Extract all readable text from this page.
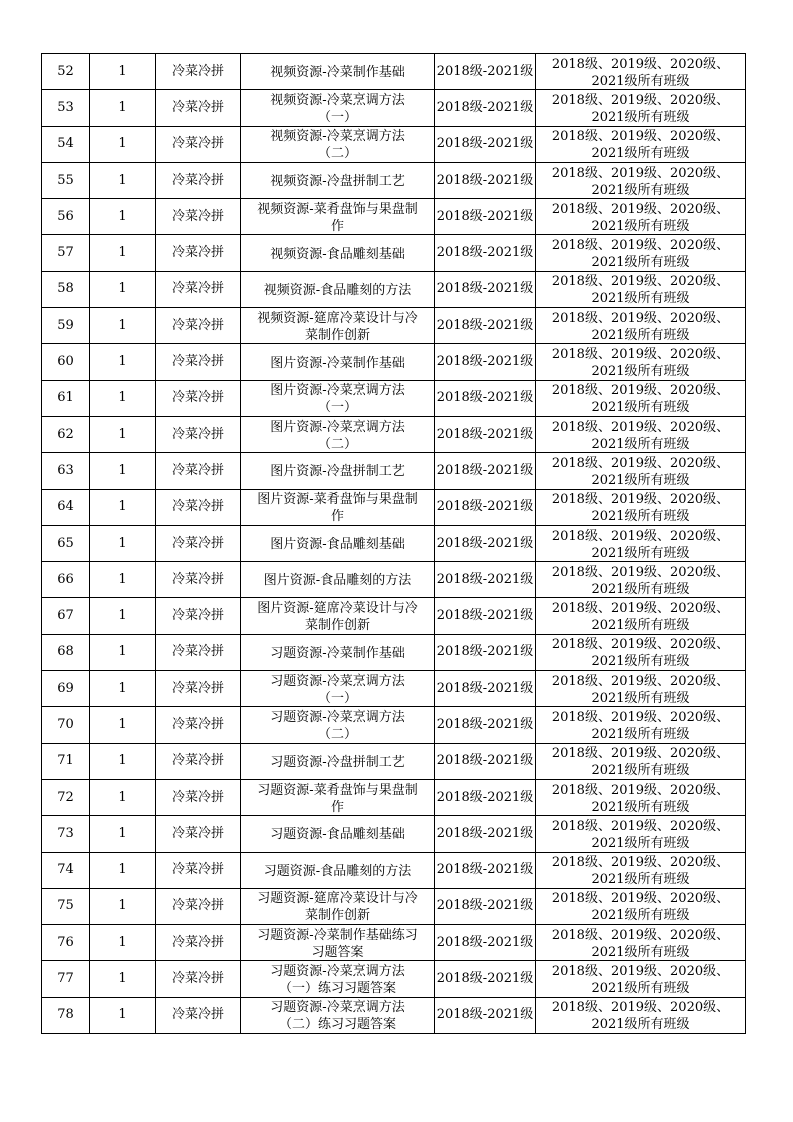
52	1	冷菜冷拼	视频资源-冷菜制作基础	2018级-2021级	2018级、2019级、2020级、
2021级所有班级

53	1	冷菜冷拼	视频资源-冷菜烹调方法
（一）	2018级-2021级	2018级、2019级、2020级、
2021级所有班级

54	1	冷菜冷拼	视频资源-冷菜烹调方法
（二）	2018级-2021级	2018级、2019级、2020级、
2021级所有班级

55	1	冷菜冷拼	视频资源-冷盘拼制工艺	2018级-2021级	2018级、2019级、2020级、
2021级所有班级

56	1	冷菜冷拼	视频资源-菜肴盘饰与果盘制
作	2018级-2021级	2018级、2019级、2020级、
2021级所有班级

57	1	冷菜冷拼	视频资源-食品雕刻基础	2018级-2021级	2018级、2019级、2020级、
2021级所有班级

58	1	冷菜冷拼	视频资源-食品雕刻的方法	2018级-2021级	2018级、2019级、2020级、
2021级所有班级

59	1	冷菜冷拼	视频资源-筵席冷菜设计与冷
菜制作创新	2018级-2021级	2018级、2019级、2020级、
2021级所有班级

60	1	冷菜冷拼	图片资源-冷菜制作基础	2018级-2021级	2018级、2019级、2020级、
2021级所有班级

61	1	冷菜冷拼	图片资源-冷菜烹调方法
（一）	2018级-2021级	2018级、2019级、2020级、
2021级所有班级

62	1	冷菜冷拼	图片资源-冷菜烹调方法
（二）	2018级-2021级	2018级、2019级、2020级、
2021级所有班级

63	1	冷菜冷拼	图片资源-冷盘拼制工艺	2018级-2021级	2018级、2019级、2020级、
2021级所有班级

64	1	冷菜冷拼	图片资源-菜肴盘饰与果盘制
作	2018级-2021级	2018级、2019级、2020级、
2021级所有班级

65	1	冷菜冷拼	图片资源-食品雕刻基础	2018级-2021级	2018级、2019级、2020级、
2021级所有班级

66	1	冷菜冷拼	图片资源-食品雕刻的方法	2018级-2021级	2018级、2019级、2020级、
2021级所有班级

67	1	冷菜冷拼	图片资源-筵席冷菜设计与冷
菜制作创新	2018级-2021级	2018级、2019级、2020级、
2021级所有班级

68	1	冷菜冷拼	习题资源-冷菜制作基础	2018级-2021级	2018级、2019级、2020级、
2021级所有班级

69	1	冷菜冷拼	习题资源-冷菜烹调方法
（一）	2018级-2021级	2018级、2019级、2020级、
2021级所有班级

70	1	冷菜冷拼	习题资源-冷菜烹调方法
（二）	2018级-2021级	2018级、2019级、2020级、
2021级所有班级

71	1	冷菜冷拼	习题资源-冷盘拼制工艺	2018级-2021级	2018级、2019级、2020级、
2021级所有班级

72	1	冷菜冷拼	习题资源-菜肴盘饰与果盘制
作	2018级-2021级	2018级、2019级、2020级、
2021级所有班级

73	1	冷菜冷拼	习题资源-食品雕刻基础	2018级-2021级	2018级、2019级、2020级、
2021级所有班级

74	1	冷菜冷拼	习题资源-食品雕刻的方法	2018级-2021级	2018级、2019级、2020级、
2021级所有班级

75	1	冷菜冷拼	习题资源-筵席冷菜设计与冷
菜制作创新	2018级-2021级	2018级、2019级、2020级、
2021级所有班级

76	1	冷菜冷拼	习题资源-冷菜制作基础练习
习题答案	2018级-2021级	2018级、2019级、2020级、
2021级所有班级

77	1	冷菜冷拼	习题资源-冷菜烹调方法
（一）练习习题答案	2018级-2021级	2018级、2019级、2020级、
2021级所有班级

78	1	冷菜冷拼	习题资源-冷菜烹调方法
（二）练习习题答案	2018级-2021级	2018级、2019级、2020级、
2021级所有班级
